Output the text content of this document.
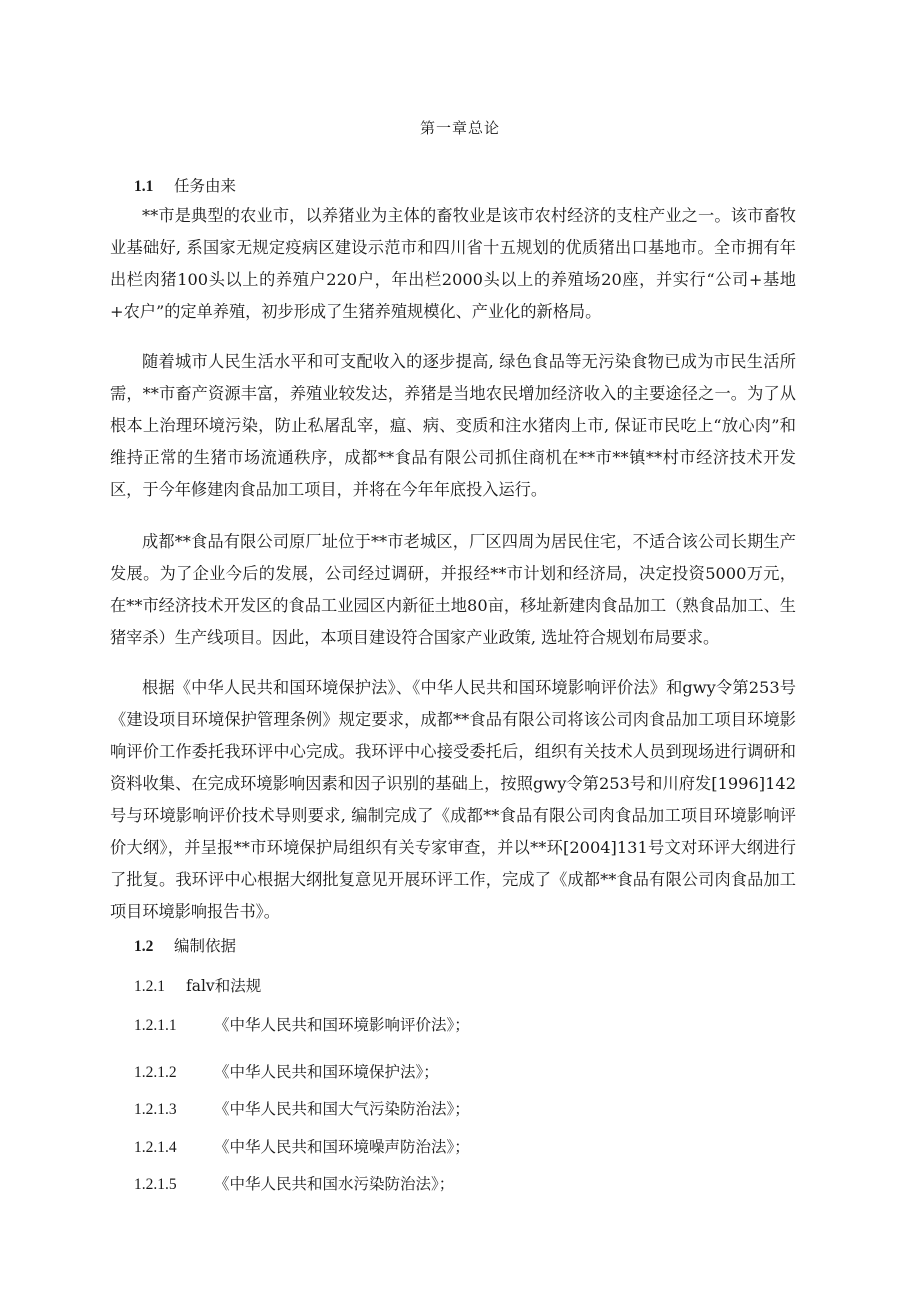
第一章总论
1.1 任务由来

**市是典型的农业市，以养猪业为主体的畜牧业是该市农村经济的支柱产业之一。该市畜牧业基础好, 系国家无规定疫病区建设示范市和四川省十五规划的优质猪出口基地市。全市拥有年出栏肉猪100头以上的养殖户220户，年出栏2000头以上的养殖场20座，并实行“公司+基地+农户”的定单养殖，初步形成了生猪养殖规模化、产业化的新格局。

随着城市人民生活水平和可支配收入的逐步提高, 绿色食品等无污染食物已成为市民生活所需，**市畜产资源丰富，养殖业较发达，养猪是当地农民增加经济收入的主要途径之一。为了从根本上治理环境污染，防止私屠乱宰，瘟、病、变质和注水猪肉上市, 保证市民吃上“放心肉”和维持正常的生猪市场流通秩序，成都**食品有限公司抓住商机在**市**镇**村市经济技术开发区，于今年修建肉食品加工项目，并将在今年年底投入运行。

成都**食品有限公司原厂址位于**市老城区，厂区四周为居民住宅，不适合该公司长期生产发展。为了企业今后的发展，公司经过调研，并报经**市计划和经济局，决定投资5000万元，在**市经济技术开发区的食品工业园区内新征土地80亩，移址新建肉食品加工（熟食品加工、生猪宰杀）生产线项目。因此，本项目建设符合国家产业政策, 选址符合规划布局要求。

根据《中华人民共和国环境保护法》、《中华人民共和国环境影响评价法》和gwy令第253号《建设项目环境保护管理条例》规定要求，成都**食品有限公司将该公司肉食品加工项目环境影响评价工作委托我环评中心完成。我环评中心接受委托后，组织有关技术人员到现场进行调研和资料收集、在完成环境影响因素和因子识别的基础上，按照gwy令第253号和川府发[1996]142号与环境影响评价技术导则要求, 编制完成了《成都**食品有限公司肉食品加工项目环境影响评价大纲》，并呈报**市环境保护局组织有关专家审查，并以**环[2004]131号文对环评大纲进行了批复。我环评中心根据大纲批复意见开展环评工作，完成了《成都**食品有限公司肉食品加工项目环境影响报告书》。

1.2 编制依据
1.2.1 falv和法规
1.2.1.1 《中华人民共和国环境影响评价法》；
1.2.1.2 《中华人民共和国环境保护法》；
1.2.1.3 《中华人民共和国大气污染防治法》；
1.2.1.4 《中华人民共和国环境噪声防治法》；
1.2.1.5 《中华人民共和国水污染防治法》；
